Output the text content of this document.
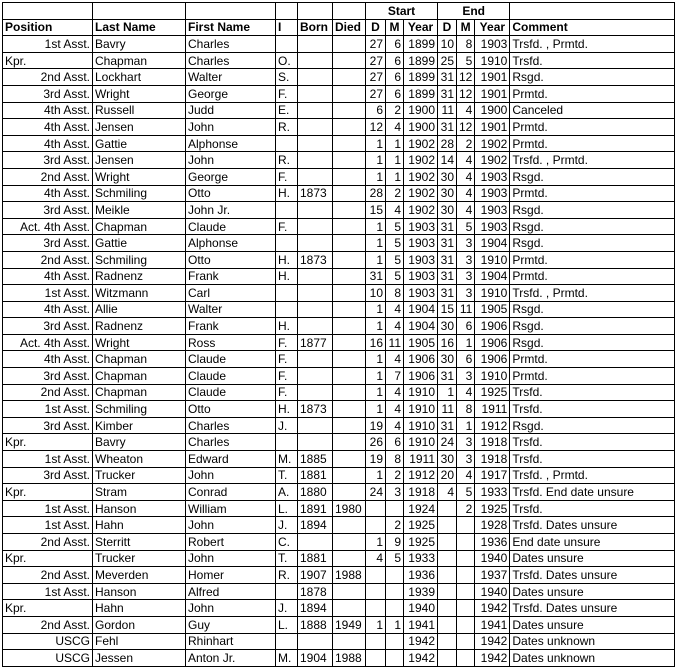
						Start			End			
Position	Last Name	First Name	I	Born	Died	D	M	Year	D	M	Year	Comment
1st Asst.	Bavry	Charles				27	6	1899	10	8	1903	Trsfd. , Prmtd.
Kpr.	Chapman	Charles	O.			27	6	1899	25	5	1910	Trsfd.
2nd Asst.	Lockhart	Walter	S.			27	6	1899	31	12	1901	Rsgd.
3rd Asst.	Wright	George	F.			27	6	1899	31	12	1901	Prmtd.
4th Asst.	Russell	Judd	E.			6	2	1900	11	4	1900	Canceled
4th Asst.	Jensen	John	R.			12	4	1900	31	12	1901	Prmtd.
4th Asst.	Gattie	Alphonse				1	1	1902	28	2	1902	Prmtd.
3rd Asst.	Jensen	John	R.			1	1	1902	14	4	1902	Trsfd. , Prmtd.
2nd Asst.	Wright	George	F.			1	1	1902	30	4	1903	Rsgd.
4th Asst.	Schmiling	Otto	H.	1873		28	2	1902	30	4	1903	Prmtd.
3rd Asst.	Meikle	John Jr.				15	4	1902	30	4	1903	Rsgd.
Act. 4th Asst.	Chapman	Claude	F.			1	5	1903	31	5	1903	Rsgd.
3rd Asst.	Gattie	Alphonse				1	5	1903	31	3	1904	Rsgd.
2nd Asst.	Schmiling	Otto	H.	1873		1	5	1903	31	3	1910	Prmtd.
4th Asst.	Radnenz	Frank	H.			31	5	1903	31	3	1904	Prmtd.
1st Asst.	Witzmann	Carl				10	8	1903	31	3	1910	Trsfd. , Prmtd.
4th Asst.	Allie	Walter				1	4	1904	15	11	1905	Rsgd.
3rd Asst.	Radnenz	Frank	H.			1	4	1904	30	6	1906	Rsgd.
Act. 4th Asst.	Wright	Ross	F.	1877		16	11	1905	16	1	1906	Rsgd.
4th Asst.	Chapman	Claude	F.			1	4	1906	30	6	1906	Prmtd.
3rd Asst.	Chapman	Claude	F.			1	7	1906	31	3	1910	Prmtd.
2nd Asst.	Chapman	Claude	F.			1	4	1910	1	4	1925	Trsfd.
1st Asst.	Schmiling	Otto	H.	1873		1	4	1910	11	8	1911	Trsfd.
3rd Asst.	Kimber	Charles	J.			19	4	1910	31	1	1912	Rsgd.
Kpr.	Bavry	Charles				26	6	1910	24	3	1918	Trsfd.
1st Asst.	Wheaton	Edward	M.	1885		19	8	1911	30	3	1918	Trsfd.
3rd Asst.	Trucker	John	T.	1881		1	2	1912	20	4	1917	Trsfd. , Prmtd.
Kpr.	Stram	Conrad	A.	1880		24	3	1918	4	5	1933	Trsfd. End date unsure
1st Asst.	Hanson	William	L.	1891	1980			1924		2	1925	Trsfd.
1st Asst.	Hahn	John	J.	1894			2	1925			1928	Trsfd. Dates unsure
2nd Asst.	Sterritt	Robert	C.			1	9	1925			1936	End date unsure
Kpr.	Trucker	John	T.	1881		4	5	1933			1940	Dates unsure
2nd Asst.	Meverden	Homer	R.	1907	1988			1936			1937	Trsfd. Dates unsure
1st Asst.	Hanson	Alfred		1878				1939			1940	Dates unsure
Kpr.	Hahn	John	J.	1894				1940			1942	Trsfd. Dates unsure
2nd Asst.	Gordon	Guy	L.	1888	1949	1	1	1941			1941	Dates unsure
USCG	Fehl	Rhinhart						1942			1942	Dates unknown
USCG	Jessen	Anton Jr.	M.	1904	1988			1942			1942	Dates unknown
